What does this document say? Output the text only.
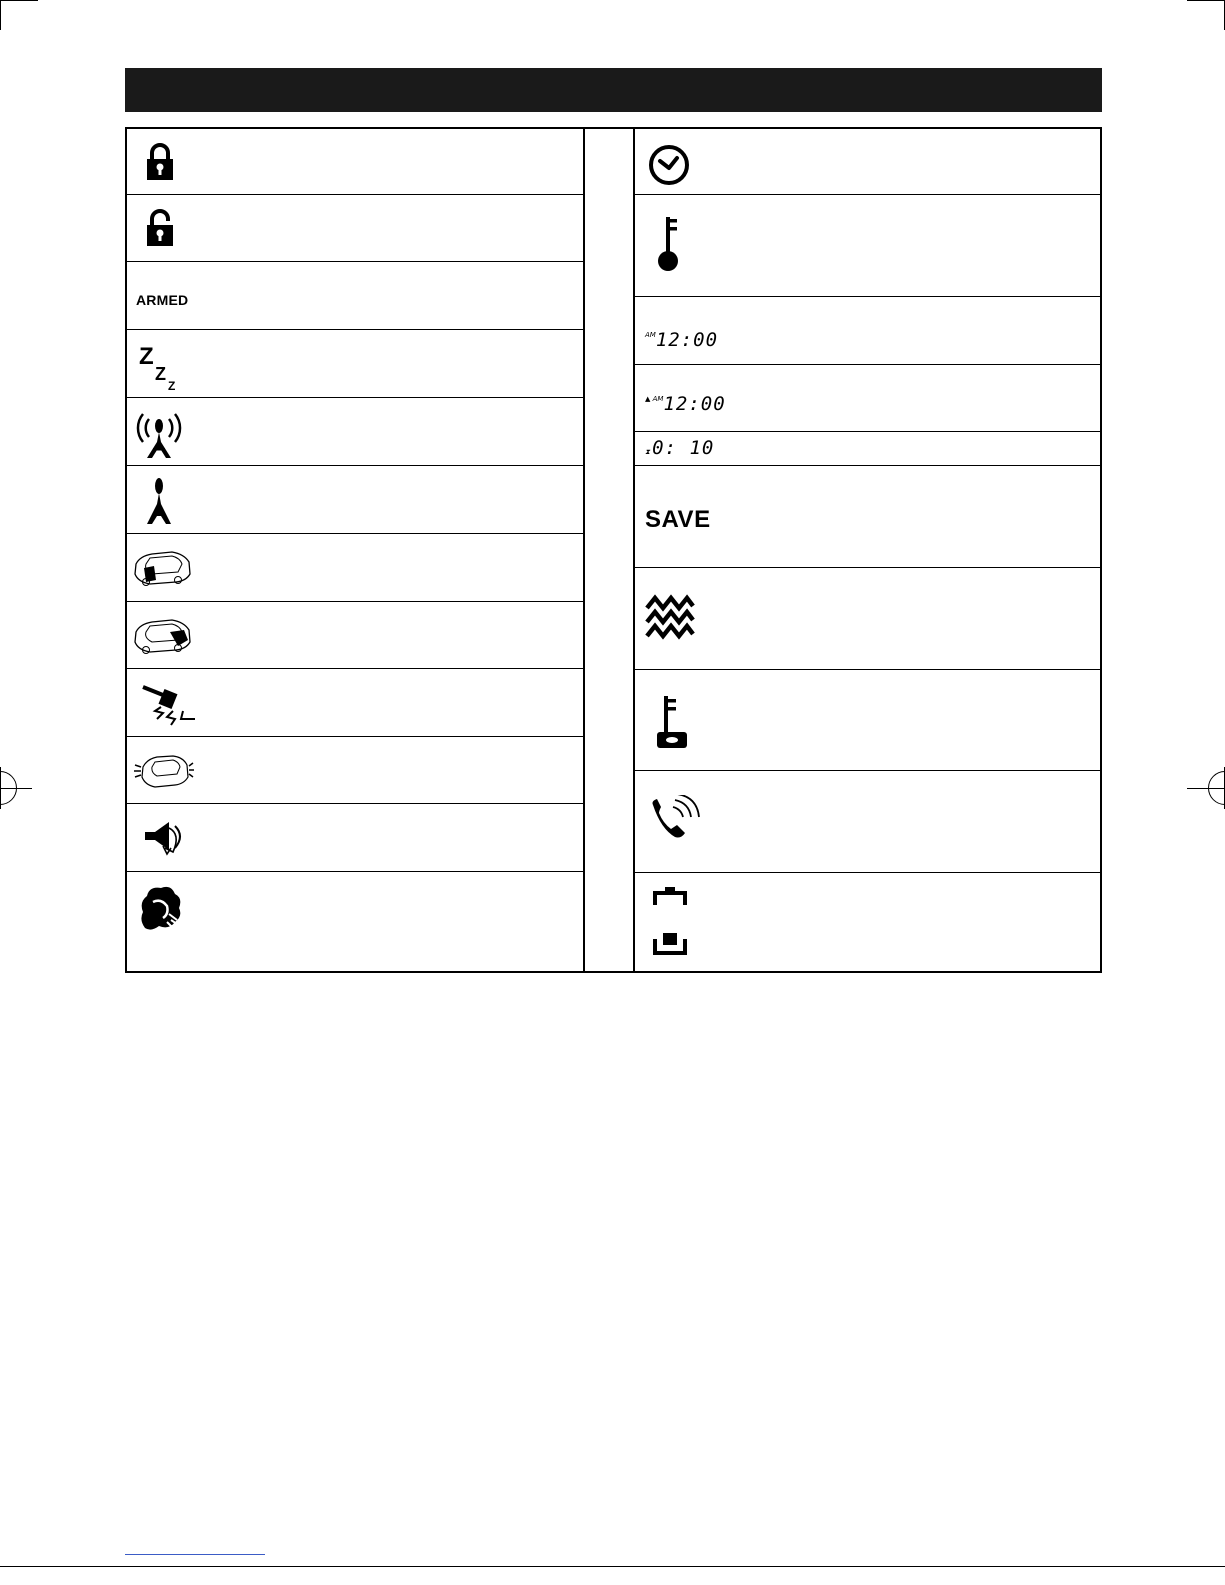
ARMED
Z
Z
Z
$^{AM}$12:00
▲ $^{AM}$12:00
⧗ 0: 10
SAVE
